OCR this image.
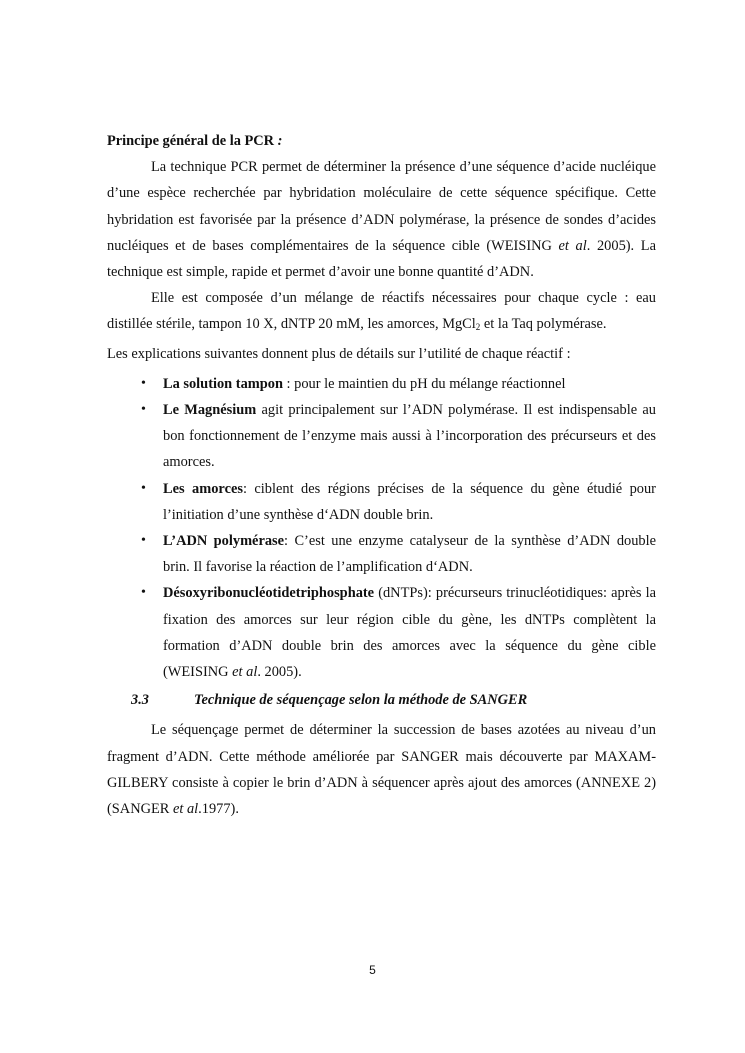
Principe général de la PCR :

La technique PCR permet de déterminer la présence d’une séquence d’acide nucléique d’une espèce recherchée par hybridation moléculaire de cette séquence spécifique. Cette hybridation est favorisée par la présence d’ADN polymérase, la présence de sondes d’acides nucléiques et de bases complémentaires de la séquence cible (WEISING et al. 2005). La technique est simple, rapide et permet d’avoir une bonne quantité d’ADN.

Elle est composée d’un mélange de réactifs nécessaires pour chaque cycle : eau distillée stérile, tampon 10 X, dNTP 20 mM, les amorces, MgCl$_2$ et la Taq polymérase.

Les explications suivantes donnent plus de détails sur l’utilité de chaque réactif :

• La solution tampon : pour le maintien du pH du mélange réactionnel
• Le Magnésium agit principalement sur l’ADN polymérase. Il est indispensable au bon fonctionnement de l’enzyme mais aussi à l’incorporation des précurseurs et des amorces.
• Les amorces: ciblent des régions précises de la séquence du gène étudié pour l’initiation d’une synthèse d‘ADN double brin.
• L’ADN polymérase: C’est une enzyme catalyseur de la synthèse d’ADN double brin. Il favorise la réaction de l’amplification d‘ADN.
• Désoxyribonucléotidetriphosphate (dNTPs): précurseurs trinucléotidiques: après la fixation des amorces sur leur région cible du gène, les dNTPs complètent la formation d’ADN double brin des amorces avec la séquence du gène cible (WEISING et al. 2005).

3.3	Technique de séquençage selon la méthode de SANGER

Le séquençage permet de déterminer la succession de bases azotées au niveau d’un fragment d’ADN. Cette méthode améliorée par SANGER mais découverte par MAXAM-GILBERY consiste à copier le brin d’ADN à séquencer après ajout des amorces (ANNEXE 2) (SANGER et al.1977).

5
